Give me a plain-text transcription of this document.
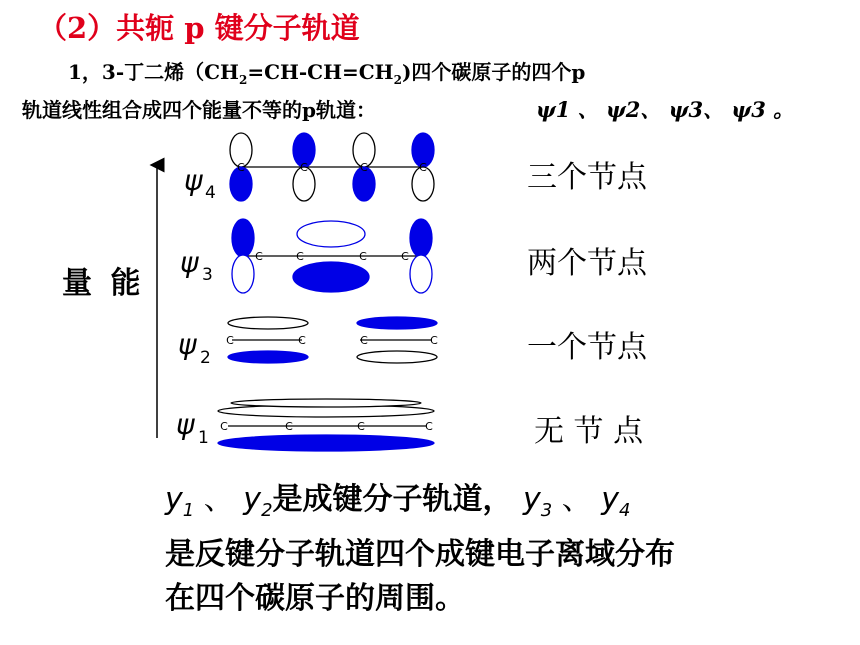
（2）共轭 p 键分子轨道
1，3-丁二烯$(CH_2=CH-CH=CH_2)$四个碳原子的四个p
轨道线性组合成四个能量不等的p轨道：	ψ1 、 ψ2、 ψ3、 ψ3 。
量 能
三个节点
两个节点
一个节点
无 节 点
ψ 4
ψ 3
ψ 2
ψ 1
C	C	C	C
C	C	C	C
C	C	C	C
C	C	C	C
$y_1$ 、 $y_2$是成键分子轨道， $y_3$ 、 $y_4$
是反键分子轨道四个成键电子离域分布
在四个碳原子的周围。
